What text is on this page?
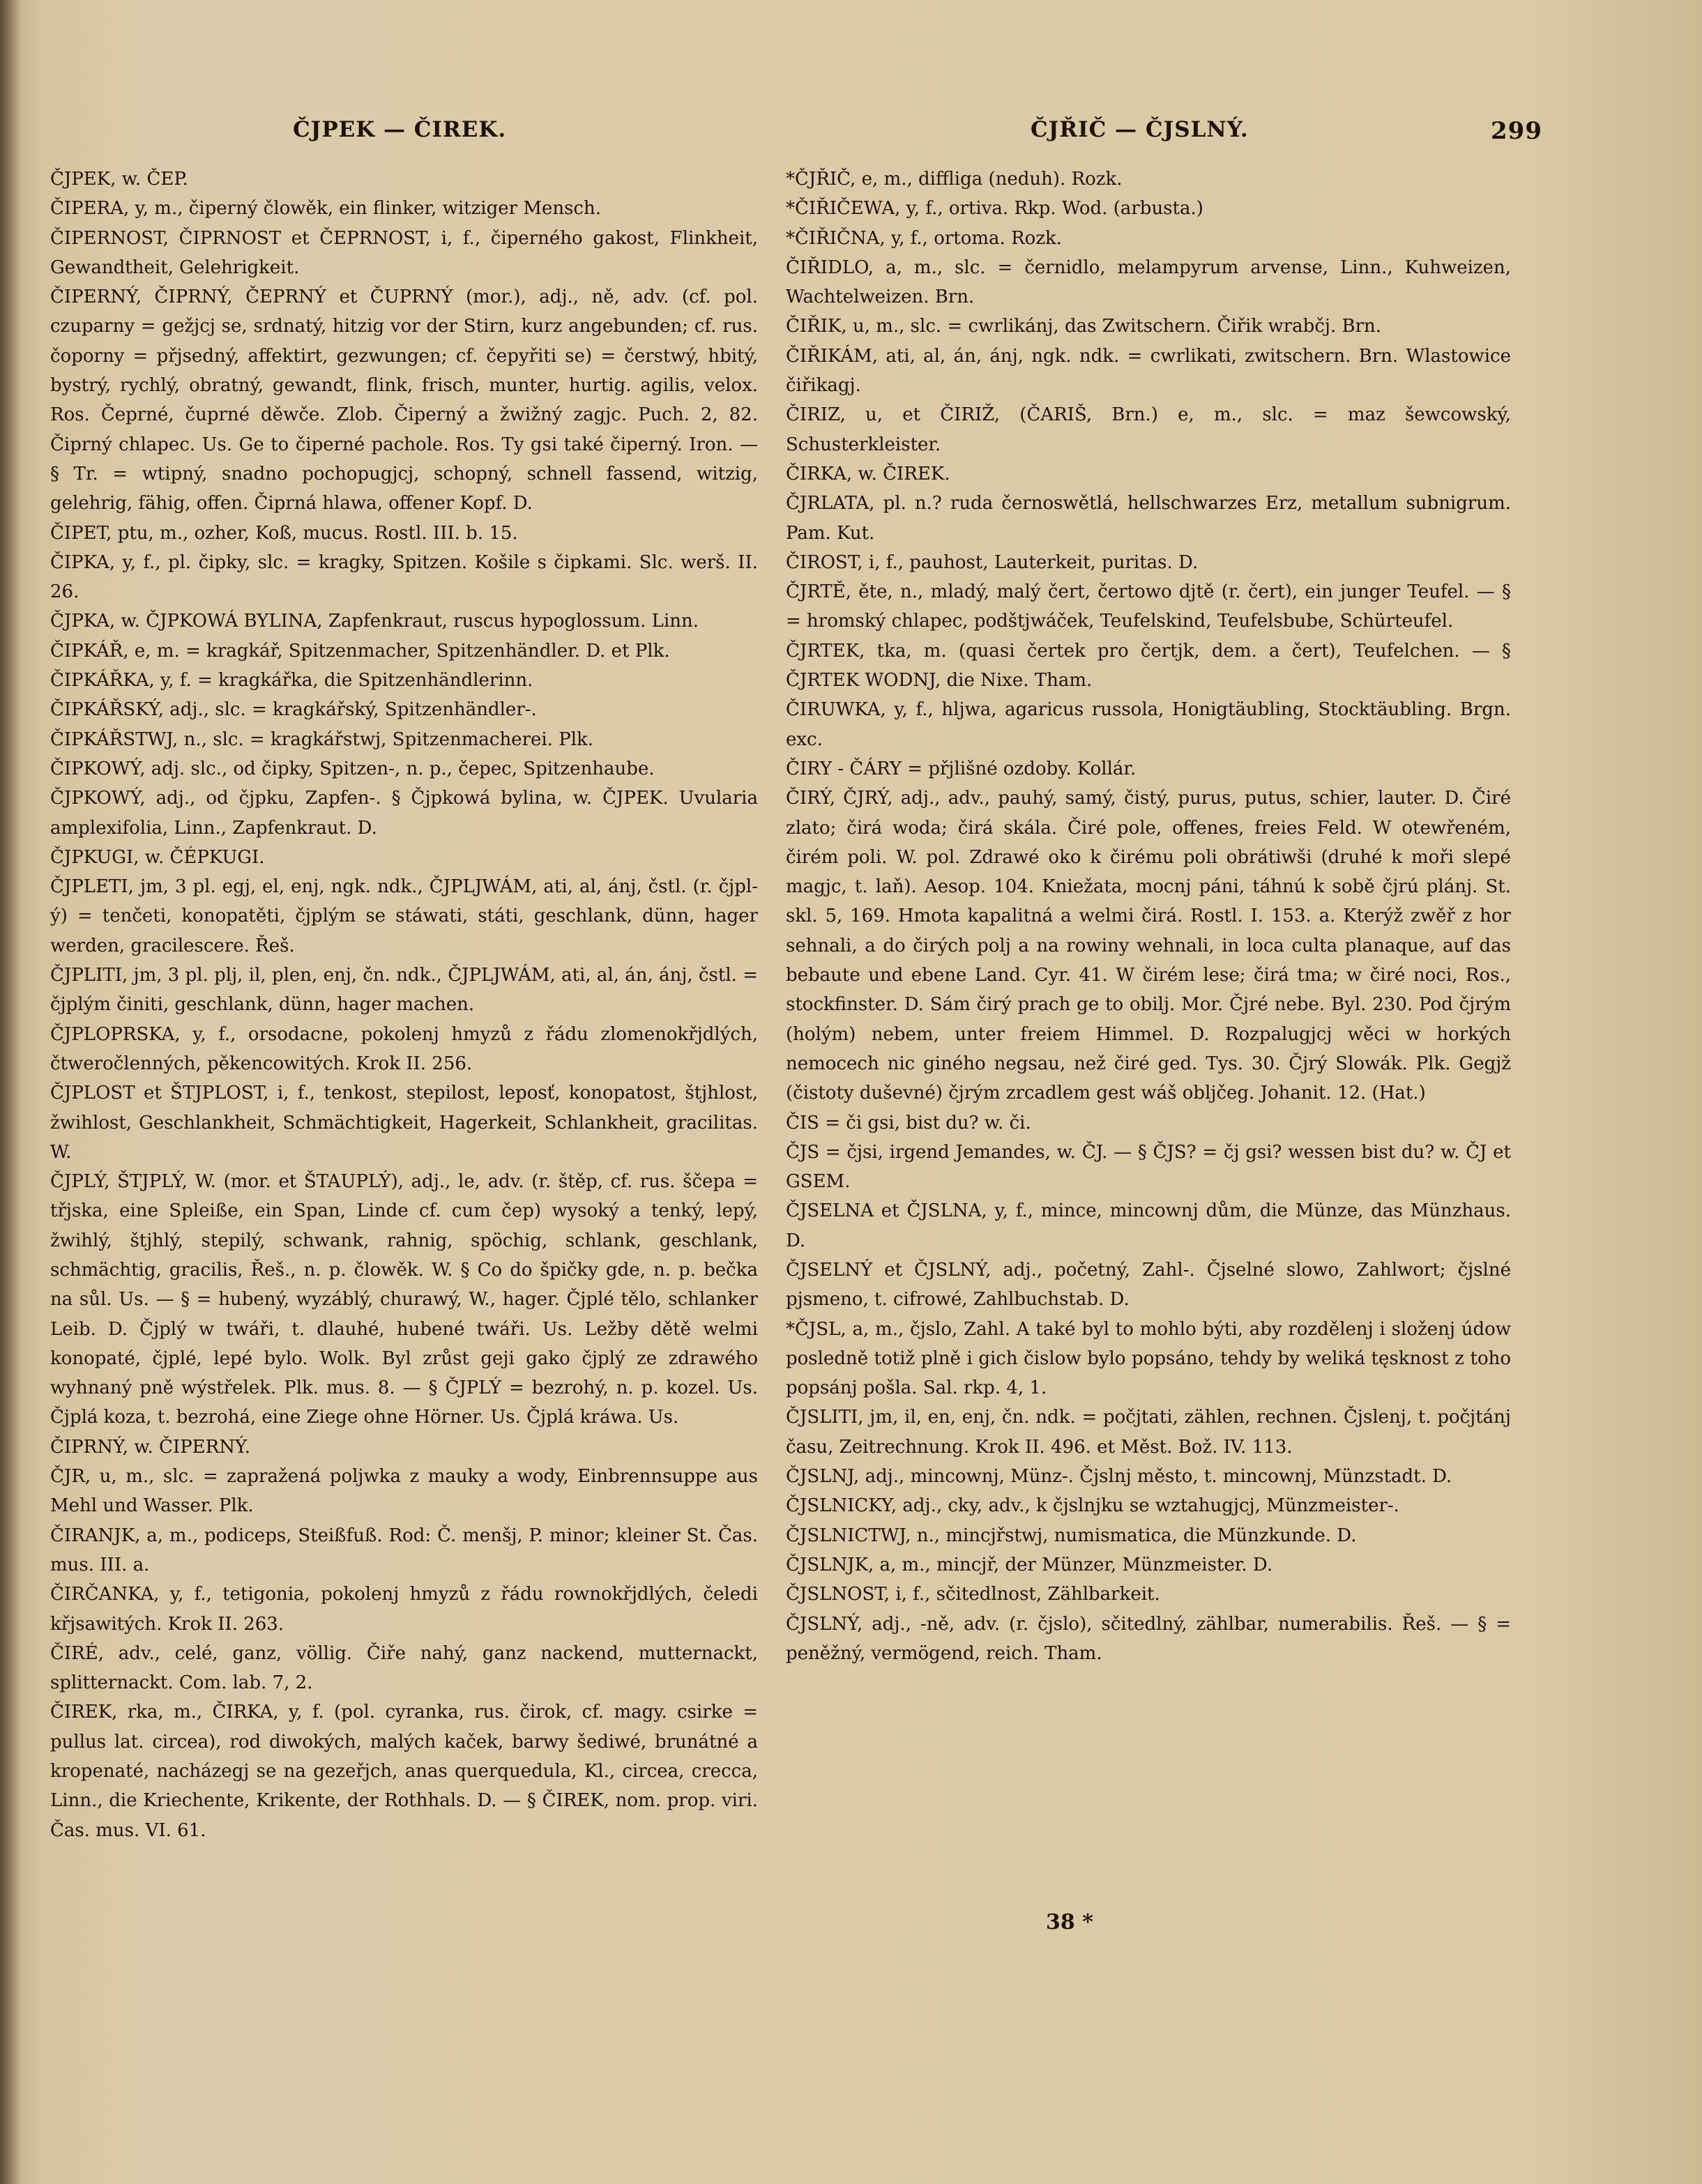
ČJPEK — ČIREK.	ČJŘIČ — ČJSLNÝ.	299
ČJPEK, w. ČEP.
ČIPERA, y, m., čiperný člowěk, ein flinker, witziger Mensch.
ČIPERNOST, ČIPRNOST et ČEPRNOST, i, f., čiperného gakost, Flinkheit, Gewandtheit, Gelehrigkeit.
ČIPERNÝ, ČIPRNÝ, ČEPRNÝ et ČUPRNÝ (mor.), adj., ně, adv. (cf. pol. czuparny = gežjcj se, srdnatý, hitzig vor der Stirn, kurz angebunden; cf. rus. čoporny = přjsedný, affektirt, gezwungen; cf. čepyřiti se) = čerstwý, hbitý, bystrý, rychlý, obratný, gewandt, flink, frisch, munter, hurtig. agilis, velox. Ros. Čeprné, čuprné děwče. Zlob. Čiperný a žwižný zagjc. Puch. 2, 82. Čiprný chlapec. Us. Ge to čiperné pachole. Ros. Ty gsi také čiperný. Iron. — § Tr. = wtipný, snadno pochopugjcj, schopný, schnell fassend, witzig, gelehrig, fähig, offen. Čiprná hlawa, offener Kopf. D.
ČIPET, ptu, m., ozher, Koß, mucus. Rostl. III. b. 15.
ČIPKA, y, f., pl. čipky, slc. = kragky, Spitzen. Košile s čipkami. Slc. werš. II. 26.
ČJPKA, w. ČJPKOWÁ BYLINA, Zapfenkraut, ruscus hypoglossum. Linn.
ČIPKÁŘ, e, m. = kragkář, Spitzenmacher, Spitzenhändler. D. et Plk.
ČIPKÁŘKA, y, f. = kragkářka, die Spitzenhändlerinn.
ČIPKÁŘSKÝ, adj., slc. = kragkářský, Spitzenhändler-.
ČIPKÁŘSTWJ, n., slc. = kragkářstwj, Spitzenmacherei. Plk.
ČIPKOWÝ, adj. slc., od čipky, Spitzen-, n. p., čepec, Spitzenhaube.
ČJPKOWÝ, adj., od čjpku, Zapfen-. § Čjpkowá bylina, w. ČJPEK. Uvularia amplexifolia, Linn., Zapfenkraut. D.
ČJPKUGI, w. ČÉPKUGI.
ČJPLETI, jm, 3 pl. egj, el, enj, ngk. ndk., ČJPLJWÁM, ati, al, ánj, čstl. (r. čjpl-ý) = tenčeti, konopatěti, čjplým se stáwati, státi, geschlank, dünn, hager werden, gracilescere. Řeš.
ČJPLITI, jm, 3 pl. plj, il, plen, enj, čn. ndk., ČJPLJWÁM, ati, al, án, ánj, čstl. = čjplým činiti, geschlank, dünn, hager machen.
ČJPLOPRSKA, y, f., orsodacne, pokolenj hmyzů z řádu zlomenokřjdlých, čtweročlenných, pěkencowitých. Krok II. 256.
ČJPLOST et ŠTJPLOST, i, f., tenkost, stepilost, leposť, konopatost, štjhlost, žwihlost, Geschlankheit, Schmächtigkeit, Hagerkeit, Schlankheit, gracilitas. W.
ČJPLÝ, ŠTJPLÝ, W. (mor. et ŠTAUPLÝ), adj., le, adv. (r. štěp, cf. rus. ščepa = třjska, eine Spleiße, ein Span, Linde cf. cum čep) wysoký a tenký, lepý, žwihlý, štjhlý, stepilý, schwank, rahnig, spöchig, schlank, geschlank, schmächtig, gracilis, Řeš., n. p. člowěk. W. § Co do špičky gde, n. p. bečka na sůl. Us. — § = hubený, wyzáblý, churawý, W., hager. Čjplé tělo, schlanker Leib. D. Čjplý w twáři, t. dlauhé, hubené twáři. Us. Ležby dětě welmi konopaté, čjplé, lepé bylo. Wolk. Byl zrůst geji gako čjplý ze zdrawého wyhnaný pně wýstřelek. Plk. mus. 8. — § ČJPLÝ = bezrohý, n. p. kozel. Us. Čjplá koza, t. bezrohá, eine Ziege ohne Hörner. Us. Čjplá kráwa. Us.
ČIPRNÝ, w. ČIPERNÝ.
ČJR, u, m., slc. = zapražená poljwka z mauky a wody, Einbrennsuppe aus Mehl und Wasser. Plk.
ČIRANJK, a, m., podiceps, Steißfuß. Rod: Č. menšj, P. minor; kleiner St. Čas. mus. III. a.
ČIRČANKA, y, f., tetigonia, pokolenj hmyzů z řádu rownokřjdlých, čeledi křjsawitých. Krok II. 263.
ČIRÉ, adv., celé, ganz, völlig. Čiře nahý, ganz nackend, mutternackt, splitternackt. Com. lab. 7, 2.
ČIREK, rka, m., ČIRKA, y, f. (pol. cyranka, rus. čirok, cf. magy. csirke = pullus lat. circea), rod diwokých, malých kaček, barwy šediwé, brunátné a kropenaté, nacházegj se na gezeřjch, anas querquedula, Kl., circea, crecca, Linn., die Kriechente, Krikente, der Rothhals. D. — § ČIREK, nom. prop. viri. Čas. mus. VI. 61.
*ČJŘIČ, e, m., diffliga (neduh). Rozk.
*ČIŘIČEWA, y, f., ortiva. Rkp. Wod. (arbusta.)
*ČIŘIČNA, y, f., ortoma. Rozk.
ČIŘIDLO, a, m., slc. = černidlo, melampyrum arvense, Linn., Kuhweizen, Wachtelweizen. Brn.
ČIŘIK, u, m., slc. = cwrlikánj, das Zwitschern. Čiřik wrabčj. Brn.
ČIŘIKÁM, ati, al, án, ánj, ngk. ndk. = cwrlikati, zwitschern. Brn. Wlastowice čiřikagj.
ČIRIZ, u, et ČIRIŽ, (ČARIŠ, Brn.) e, m., slc. = maz šewcowský, Schusterkleister.
ČIRKA, w. ČIREK.
ČJRLATA, pl. n.? ruda černoswětlá, hellschwarzes Erz, metallum subnigrum. Pam. Kut.
ČIROST, i, f., pauhost, Lauterkeit, puritas. D.
ČJRTĚ, ěte, n., mladý, malý čert, čertowo djtě (r. čert), ein junger Teufel. — § = hromský chlapec, podštjwáček, Teufelskind, Teufelsbube, Schürteufel.
ČJRTEK, tka, m. (quasi čertek pro čertjk, dem. a čert), Teufelchen. — § ČJRTEK WODNJ, die Nixe. Tham.
ČIRUWKA, y, f., hljwa, agaricus russola, Honigtäubling, Stocktäubling. Brgn. exc.
ČIRY - ČÁRY = přjlišné ozdoby. Kollár.
ČIRÝ, ČJRÝ, adj., adv., pauhý, samý, čistý, purus, putus, schier, lauter. D. Čiré zlato; čirá woda; čirá skála. Čiré pole, offenes, freies Feld. W otewřeném, čirém poli. W. pol. Zdrawé oko k čirému poli obrátiwši (druhé k moři slepé magjc, t. laň). Aesop. 104. Kniežata, mocnj páni, táhnú k sobě čjrú plánj. St. skl. 5, 169. Hmota kapalitná a welmi čirá. Rostl. I. 153. a. Kterýž zwěř z hor sehnali, a do čirých polj a na rowiny wehnali, in loca culta planaque, auf das bebaute und ebene Land. Cyr. 41. W čirém lese; čirá tma; w čiré noci, Ros., stockfinster. D. Sám čirý prach ge to obilj. Mor. Čjré nebe. Byl. 230. Pod čjrým (holým) nebem, unter freiem Himmel. D. Rozpalugjcj wěci w horkých nemocech nic giného negsau, než čiré ged. Tys. 30. Čjrý Slowák. Plk. Gegjž (čistoty duševné) čjrým zrcadlem gest wáš oblјčeg. Johanit. 12. (Hat.)
ČIS = či gsi, bist du? w. či.
ČJS = čjsi, irgend Jemandes, w. ČJ. — § ČJS? = čj gsi? wessen bist du? w. ČJ et GSEM.
ČJSELNA et ČJSLNA, y, f., mince, mincownj dům, die Münze, das Münzhaus. D.
ČJSELNÝ et ČJSLNÝ, adj., početný, Zahl-. Čjselné slowo, Zahlwort; čjslné pjsmeno, t. cifrowé, Zahlbuchstab. D.
*ČJSL, a, m., čjslo, Zahl. A také byl to mohlo býti, aby rozdělenj i složenj údow posledně totiž plně i gich čislow bylo popsáno, tehdy by weliká tęsknost z toho popsánj pošla. Sal. rkp. 4, 1.
ČJSLITI, jm, il, en, enj, čn. ndk. = počjtati, zählen, rechnen. Čjslenj, t. počjtánj času, Zeitrechnung. Krok II. 496. et Měst. Bož. IV. 113.
ČJSLNJ, adj., mincownj, Münz-. Čjslnj město, t. mincownj, Münzstadt. D.
ČJSLNICKY, adj., cky, adv., k čjslnjku se wztahugjcj, Münzmeister-.
ČJSLNICTWJ, n., mincjřstwj, numismatica, die Münzkunde. D.
ČJSLNJK, a, m., mincjř, der Münzer, Münzmeister. D.
ČJSLNOST, i, f., sčitedlnost, Zählbarkeit.
ČJSLNÝ, adj., -ně, adv. (r. čjslo), sčitedlný, zählbar, numerabilis. Řeš. — § = peněžný, vermögend, reich. Tham.
38 *
